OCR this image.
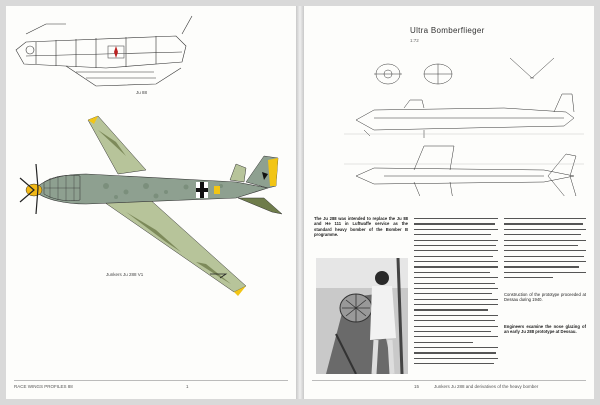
Ju 88
Junkers Ju 288 V1
RACE WINGS PROFILES 88	1
Ultra Bomberflieger
1:72
The Ju 288 was intended to replace the Ju 88 and He 111 in Luftwaffe service as the standard heavy bomber of the Bomber B programme.
Construction of the prototype proceeded at Dessau during 1940.
Engineers examine the nose glazing of an early Ju 288 prototype at Dessau.
15	Junkers Ju 288 and derivatives of the heavy bomber
